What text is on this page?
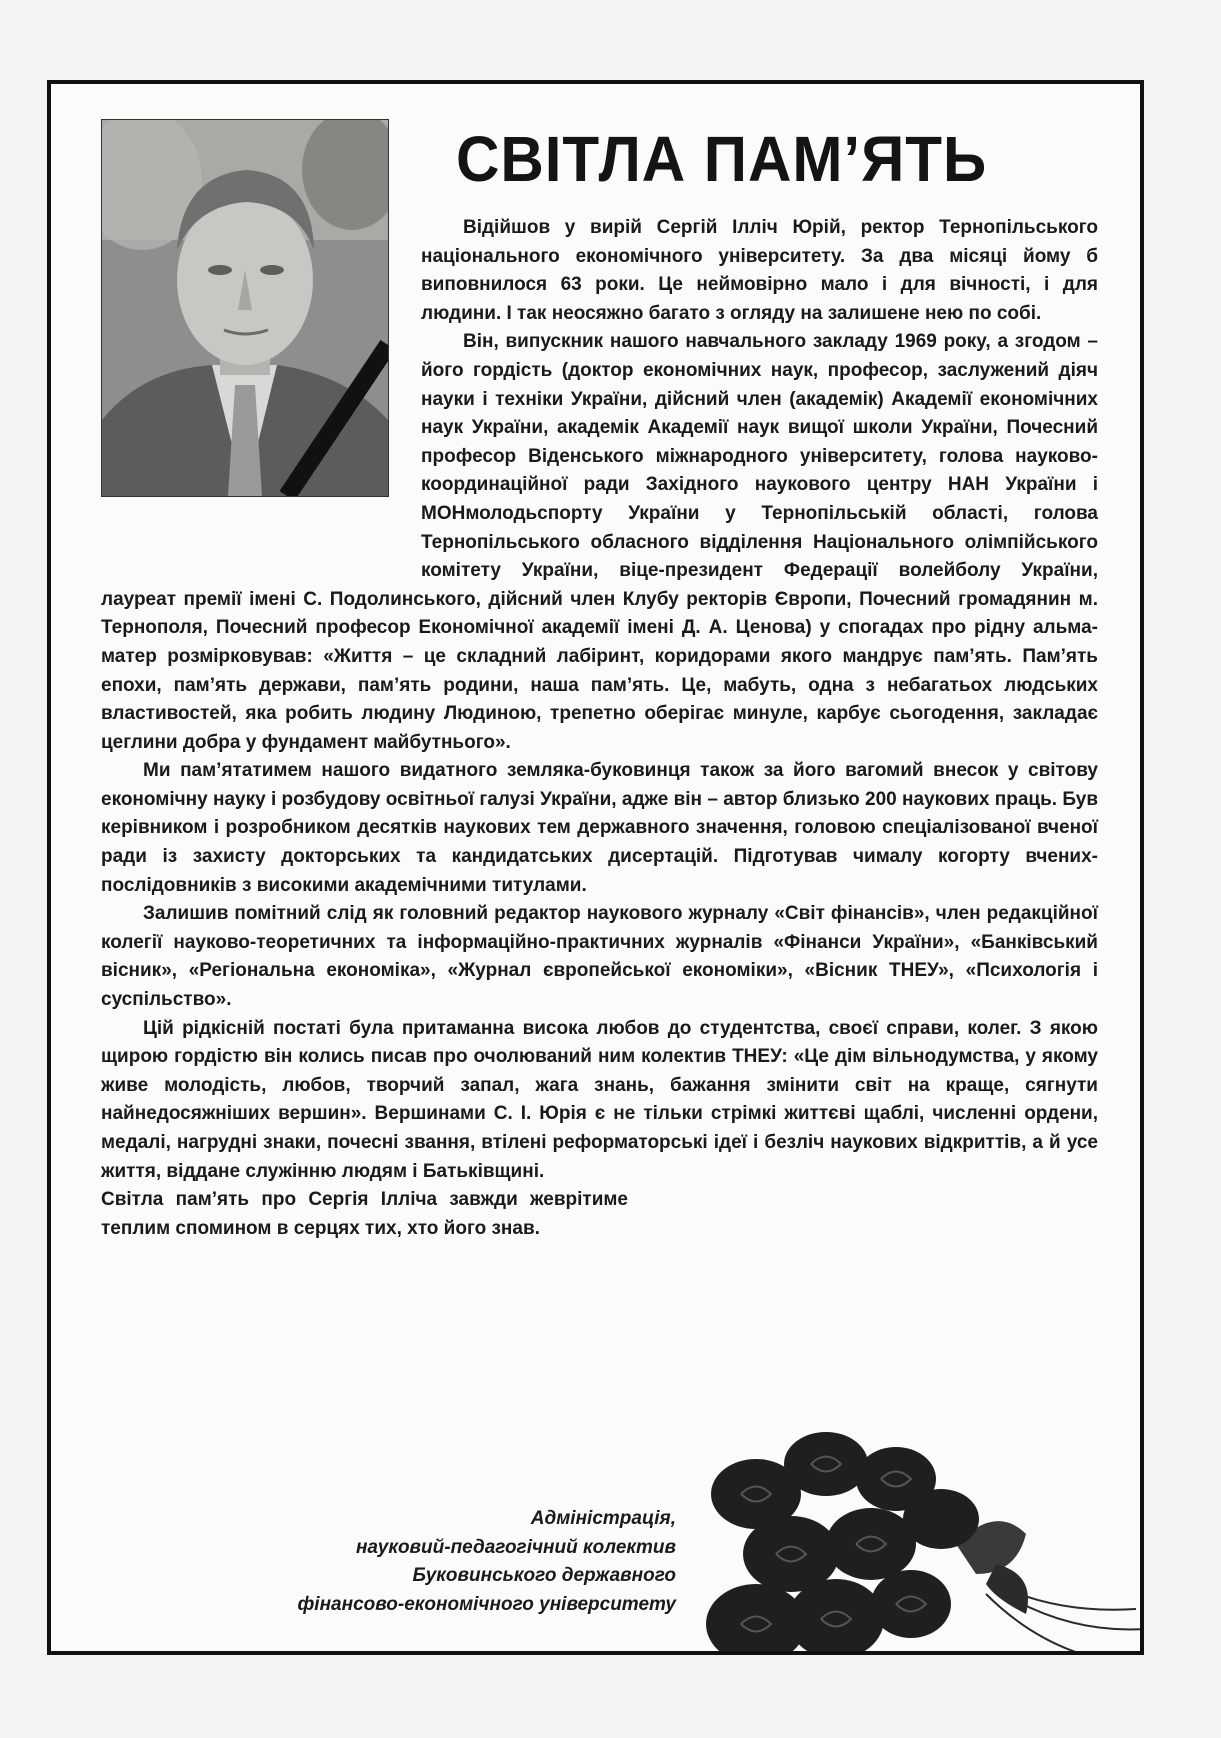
СВІТЛА ПАМ’ЯТЬ

Відійшов у вирій Сергій Ілліч Юрій, ректор Тернопільського національного економічного університету. За два місяці йому б виповнилося 63 роки. Це неймовірно мало і для вічності, і для людини. І так неосяжно багато з огляду на залишене нею по собі.

Він, випускник нашого навчального закладу 1969 року, а згодом – його гордість (доктор економічних наук, професор, заслужений діяч науки і техніки України, дійсний член (академік) Академії економічних наук України, академік Академії наук вищої школи України, Почесний професор Віденського міжнародного університету, голова науково-координаційної ради Західного наукового центру НАН України і МОНмолодьспорту України у Тернопільській області, голова Тернопільського обласного відділення Національного олімпійського комітету України, віце-президент Федерації волейболу України, лауреат премії імені С. Подолинського, дійсний член Клубу ректорів Європи, Почесний громадянин м. Тернополя, Почесний професор Економічної академії імені Д. А. Ценова) у спогадах про рідну альма-матер розмірковував: «Життя – це складний лабіринт, коридорами якого мандрує пам’ять. Пам’ять епохи, пам’ять держави, пам’ять родини, наша пам’ять. Це, мабуть, одна з небагатьох людських властивостей, яка робить людину Людиною, трепетно оберігає минуле, карбує сьогодення, закладає цеглини добра у фундамент майбутнього».

Ми пам’ятатимем нашого видатного земляка-буковинця також за його вагомий внесок у світову економічну науку і розбудову освітньої галузі України, адже він – автор близько 200 наукових праць. Був керівником і розробником десятків наукових тем державного значення, головою спеціалізованої вченої ради із захисту докторських та кандидатських дисертацій. Підготував чималу когорту вчених-послідовників з високими академічними титулами.

Залишив помітний слід як головний редактор наукового журналу «Світ фінансів», член редакційної колегії науково-теоретичних та інформаційно-практичних журналів «Фінанси України», «Банківський вісник», «Регіональна економіка», «Журнал європейської економіки», «Вісник ТНЕУ», «Психологія і суспільство».

Цій рідкісній постаті була притаманна висока любов до студентства, своєї справи, колег. З якою щирою гордістю він колись писав про очолюваний ним колектив ТНЕУ: «Це дім вільнодумства, у якому живе молодість, любов, творчий запал, жага знань, бажання змінити світ на краще, сягнути найнедосяжніших вершин». Вершинами С. І. Юрія є не тільки стрімкі життєві щаблі, численні ордени, медалі, нагрудні знаки, почесні звання, втілені реформаторські ідеї і безліч наукових відкриттів, а й усе життя, віддане служінню людям і Батьківщині.

Світла пам’ять про Сергія Ілліча завжди жеврітиме теплим спомином в серцях тих, хто його знав.

Адміністрація,
науковий-педагогічний колектив
Буковинського державного
фінансово-економічного університету
